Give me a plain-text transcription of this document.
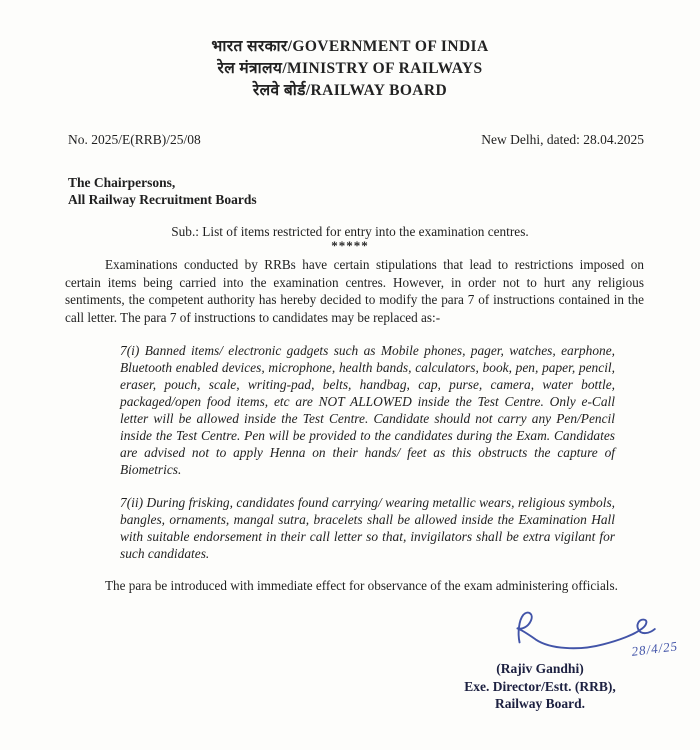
भारत सरकार/GOVERNMENT OF INDIA
रेल मंत्रालय/MINISTRY OF RAILWAYS
रेलवे बोर्ड/RAILWAY BOARD
No. 2025/E(RRB)/25/08	New Delhi, dated: 28.04.2025
The Chairpersons,
All Railway Recruitment Boards
Sub.: List of items restricted for entry into the examination centres.
*****

Examinations conducted by RRBs have certain stipulations that lead to restrictions imposed on certain items being carried into the examination centres. However, in order not to hurt any religious sentiments, the competent authority has hereby decided to modify the para 7 of instructions contained in the call letter. The para 7 of instructions to candidates may be replaced as:-

7(i) Banned items/ electronic gadgets such as Mobile phones, pager, watches, earphone, Bluetooth enabled devices, microphone, health bands, calculators, book, pen, paper, pencil, eraser, pouch, scale, writing-pad, belts, handbag, cap, purse, camera, water bottle, packaged/open food items, etc are NOT ALLOWED inside the Test Centre. Only e-Call letter will be allowed inside the Test Centre. Candidate should not carry any Pen/Pencil inside the Test Centre. Pen will be provided to the candidates during the Exam. Candidates are advised not to apply Henna on their hands/ feet as this obstructs the capture of Biometrics.

7(ii) During frisking, candidates found carrying/ wearing metallic wears, religious symbols, bangles, ornaments, mangal sutra, bracelets shall be allowed inside the Examination Hall with suitable endorsement in their call letter so that, invigilators shall be extra vigilant for such candidates.

The para be introduced with immediate effect for observance of the exam administering officials.

28/4/25
(Rajiv Gandhi)
Exe. Director/Estt. (RRB),
Railway Board.
